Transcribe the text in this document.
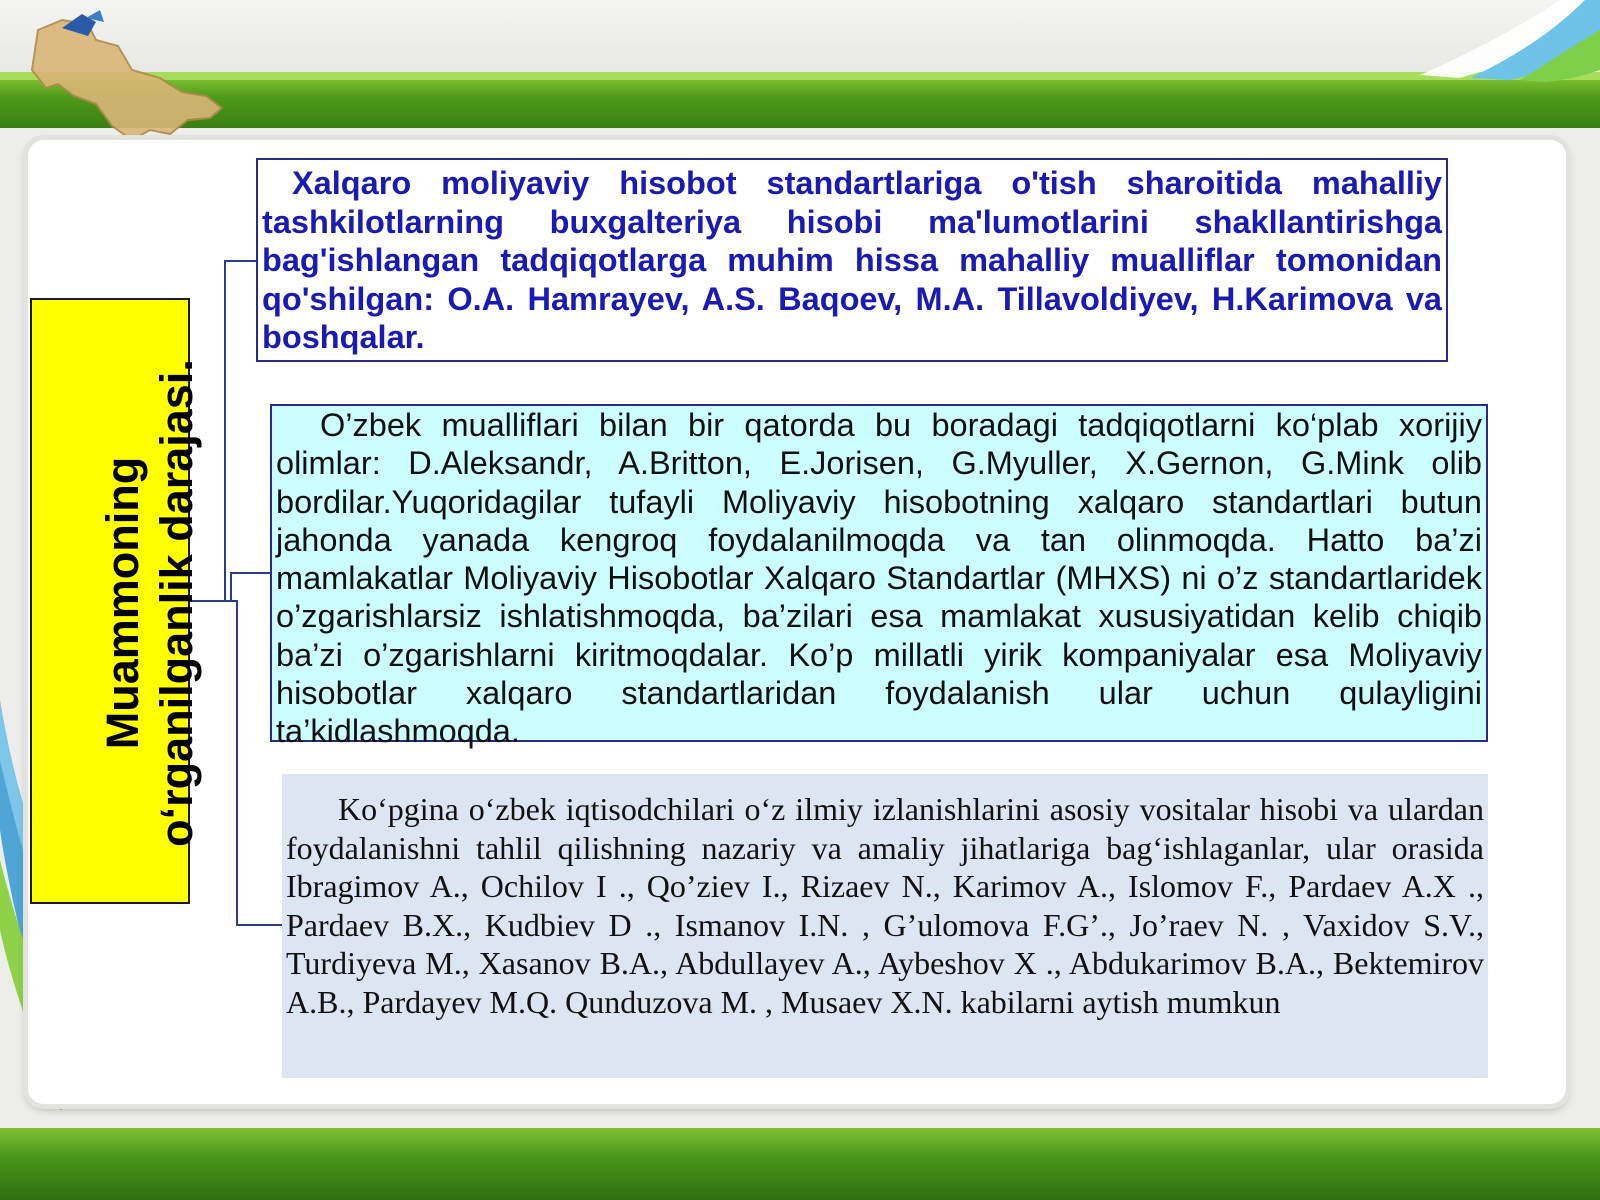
Muammoning o‘rganilganlik darajasi.
Xalqaro moliyaviy hisobot standartlariga o'tish sharoitida mahalliy tashkilotlarning buxgalteriya hisobi ma'lumotlarini shakllantirishga bag'ishlangan tadqiqotlarga muhim hissa mahalliy mualliflar tomonidan qo'shilgan: O.A. Hamrayev, A.S. Baqoev, M.A. Tillavoldiyev, H.Karimova va boshqalar.
O’zbek mualliflari bilan bir qatorda bu boradagi tadqiqotlarni ko‘plab xorijiy olimlar: D.Aleksandr, A.Britton, E.Jorisen, G.Myuller, X.Gernon, G.Mink olib bordilar.Yuqoridagilar tufayli Moliyaviy hisobotning xalqaro standartlari butun jahonda yanada kengroq foydalanilmoqda va tan olinmoqda. Hatto ba’zi mamlakatlar Moliyaviy Hisobotlar Xalqaro Standartlar (MHXS) ni o’z standartlaridek o’zgarishlarsiz ishlatishmoqda, ba’zilari esa mamlakat xususiyatidan kelib chiqib ba’zi o’zgarishlarni kiritmoqdalar. Ko’p millatli yirik kompaniyalar esa Moliyaviy hisobotlar xalqaro standartlaridan foydalanish ular uchun qulayligini ta’kidlashmoqda.
Ko‘pgina o‘zbek iqtisodchilari o‘z ilmiy izlanishlarini asosiy vositalar hisobi va ulardan foydalanishni tahlil qilishning nazariy va amaliy jihatlariga bag‘ishlaganlar, ular orasida Ibragimov A., Ochilov I ., Qo’ziev I., Rizaev N., Karimov A., Islomov F., Pardaev A.X ., Pardaev B.X., Kudbiev D ., Ismanov I.N. , G’ulomova F.G’., Jo’raev N. , Vaxidov S.V., Turdiyeva M., Xasanov B.A., Abdullayev A., Aybeshov X ., Abdukarimov B.A., Bektemirov A.B., Pardayev M.Q. Qunduzova M. , Musaev X.N. kabilarni aytish mumkun
